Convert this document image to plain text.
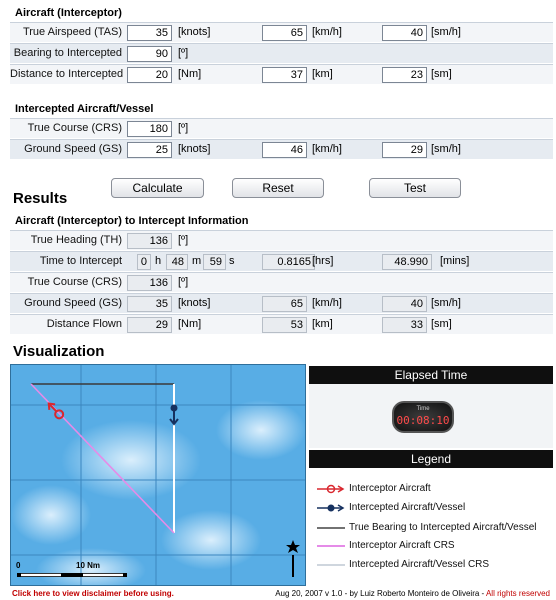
Aircraft (Interceptor)
True Airspeed (TAS)	35 [knots]	65 [km/h]	40 [sm/h]
Bearing to Intercepted	90 [º]
Distance to Intercepted	20 [Nm]	37 [km]	23 [sm]
Intercepted Aircraft/Vessel
True Course (CRS)	180 [º]
Ground Speed (GS)	25 [knots]	46 [km/h]	29 [sm/h]
Calculate	Reset	Test
Results
Aircraft (Interceptor) to Intercept Information
True Heading (TH)	136 [º]
Time to Intercept	0 h 48 m 59 s	0.8165 [hrs]	48.990	[mins]
True Course (CRS)	136 [º]
Ground Speed (GS)	35 [knots]	65 [km/h]	40 [sm/h]
Distance Flown	29 [Nm]	53 [km]	33 [sm]
Visualization
0	10 Nm
Elapsed Time
Time
00:08:10
Legend
Interceptor Aircraft
Intercepted Aircraft/Vessel
True Bearing to Intercepted Aircraft/Vessel
Interceptor Aircraft CRS
Intercepted Aircraft/Vessel CRS
Click here to view disclaimer before using.	Aug 20, 2007 v 1.0 - by Luiz Roberto Monteiro de Oliveira - All rights reserved
